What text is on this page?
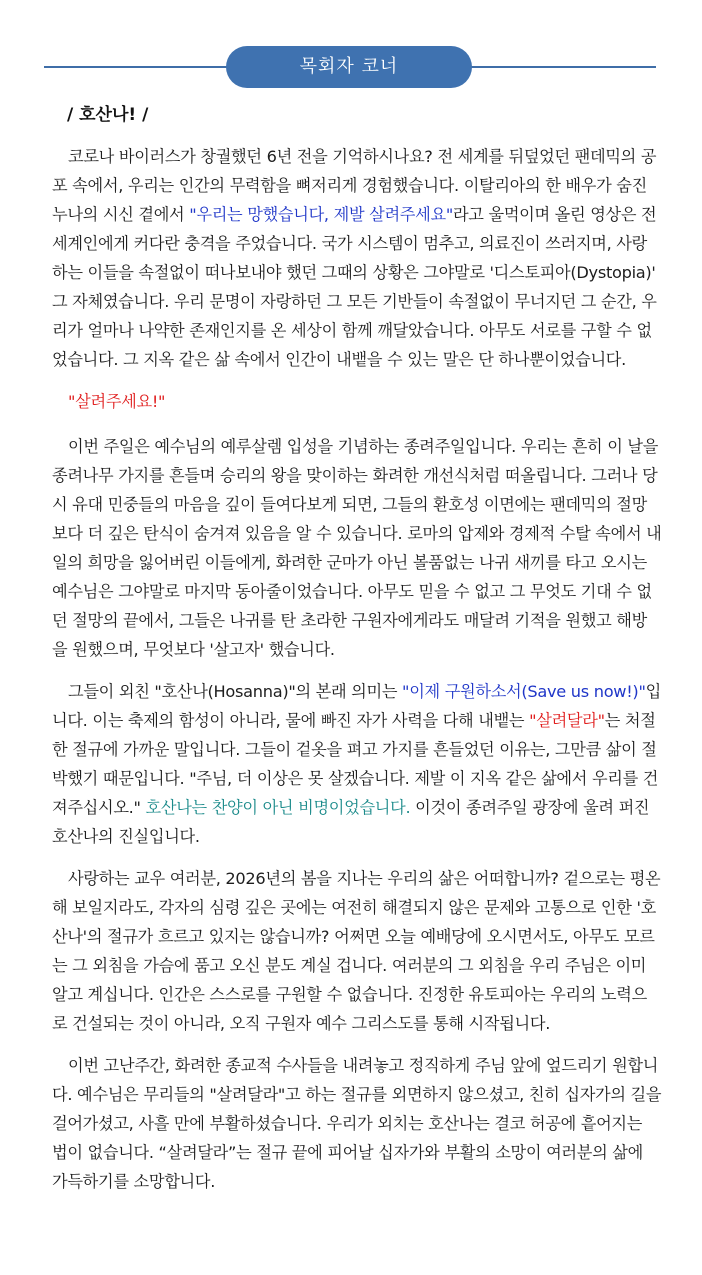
목회자 코너
/ 호산나! /

코로나 바이러스가 창궐했던 6년 전을 기억하시나요? 전 세계를 뒤덮었던 팬데믹의 공포 속에서, 우리는 인간의 무력함을 뼈저리게 경험했습니다. 이탈리아의 한 배우가 숨진 누나의 시신 곁에서 "우리는 망했습니다, 제발 살려주세요"라고 울먹이며 올린 영상은 전 세계인에게 커다란 충격을 주었습니다. 국가 시스템이 멈추고, 의료진이 쓰러지며, 사랑하는 이들을 속절없이 떠나보내야 했던 그때의 상황은 그야말로 '디스토피아(Dystopia)' 그 자체였습니다. 우리 문명이 자랑하던 그 모든 기반들이 속절없이 무너지던 그 순간, 우리가 얼마나 나약한 존재인지를 온 세상이 함께 깨달았습니다. 아무도 서로를 구할 수 없었습니다. 그 지옥 같은 삶 속에서 인간이 내뱉을 수 있는 말은 단 하나뿐이었습니다.

"살려주세요!"

이번 주일은 예수님의 예루살렘 입성을 기념하는 종려주일입니다. 우리는 흔히 이 날을 종려나무 가지를 흔들며 승리의 왕을 맞이하는 화려한 개선식처럼 떠올립니다. 그러나 당시 유대 민중들의 마음을 깊이 들여다보게 되면, 그들의 환호성 이면에는 팬데믹의 절망보다 더 깊은 탄식이 숨겨져 있음을 알 수 있습니다. 로마의 압제와 경제적 수탈 속에서 내일의 희망을 잃어버린 이들에게, 화려한 군마가 아닌 볼품없는 나귀 새끼를 타고 오시는 예수님은 그야말로 마지막 동아줄이었습니다. 아무도 믿을 수 없고 그 무엇도 기대 수 없던 절망의 끝에서, 그들은 나귀를 탄 초라한 구원자에게라도 매달려 기적을 원했고 해방을 원했으며, 무엇보다 '살고자' 했습니다.

그들이 외친 "호산나(Hosanna)"의 본래 의미는 "이제 구원하소서(Save us now!)"입니다. 이는 축제의 함성이 아니라, 물에 빠진 자가 사력을 다해 내뱉는 "살려달라"는 처절한 절규에 가까운 말입니다. 그들이 겉옷을 펴고 가지를 흔들었던 이유는, 그만큼 삶이 절박했기 때문입니다. "주님, 더 이상은 못 살겠습니다. 제발 이 지옥 같은 삶에서 우리를 건져주십시오." 호산나는 찬양이 아닌 비명이었습니다. 이것이 종려주일 광장에 울려 퍼진 호산나의 진실입니다.

사랑하는 교우 여러분, 2026년의 봄을 지나는 우리의 삶은 어떠합니까? 겉으로는 평온해 보일지라도, 각자의 심령 깊은 곳에는 여전히 해결되지 않은 문제와 고통으로 인한 '호산나'의 절규가 흐르고 있지는 않습니까? 어쩌면 오늘 예배당에 오시면서도, 아무도 모르는 그 외침을 가슴에 품고 오신 분도 계실 겁니다. 여러분의 그 외침을 우리 주님은 이미 알고 계십니다. 인간은 스스로를 구원할 수 없습니다. 진정한 유토피아는 우리의 노력으로 건설되는 것이 아니라, 오직 구원자 예수 그리스도를 통해 시작됩니다.

이번 고난주간, 화려한 종교적 수사들을 내려놓고 정직하게 주님 앞에 엎드리기 원합니다. 예수님은 무리들의 "살려달라"고 하는 절규를 외면하지 않으셨고, 친히 십자가의 길을 걸어가셨고, 사흘 만에 부활하셨습니다. 우리가 외치는 호산나는 결코 허공에 흩어지는 법이 없습니다. “살려달라”는 절규 끝에 피어날 십자가와 부활의 소망이 여러분의 삶에 가득하기를 소망합니다.
